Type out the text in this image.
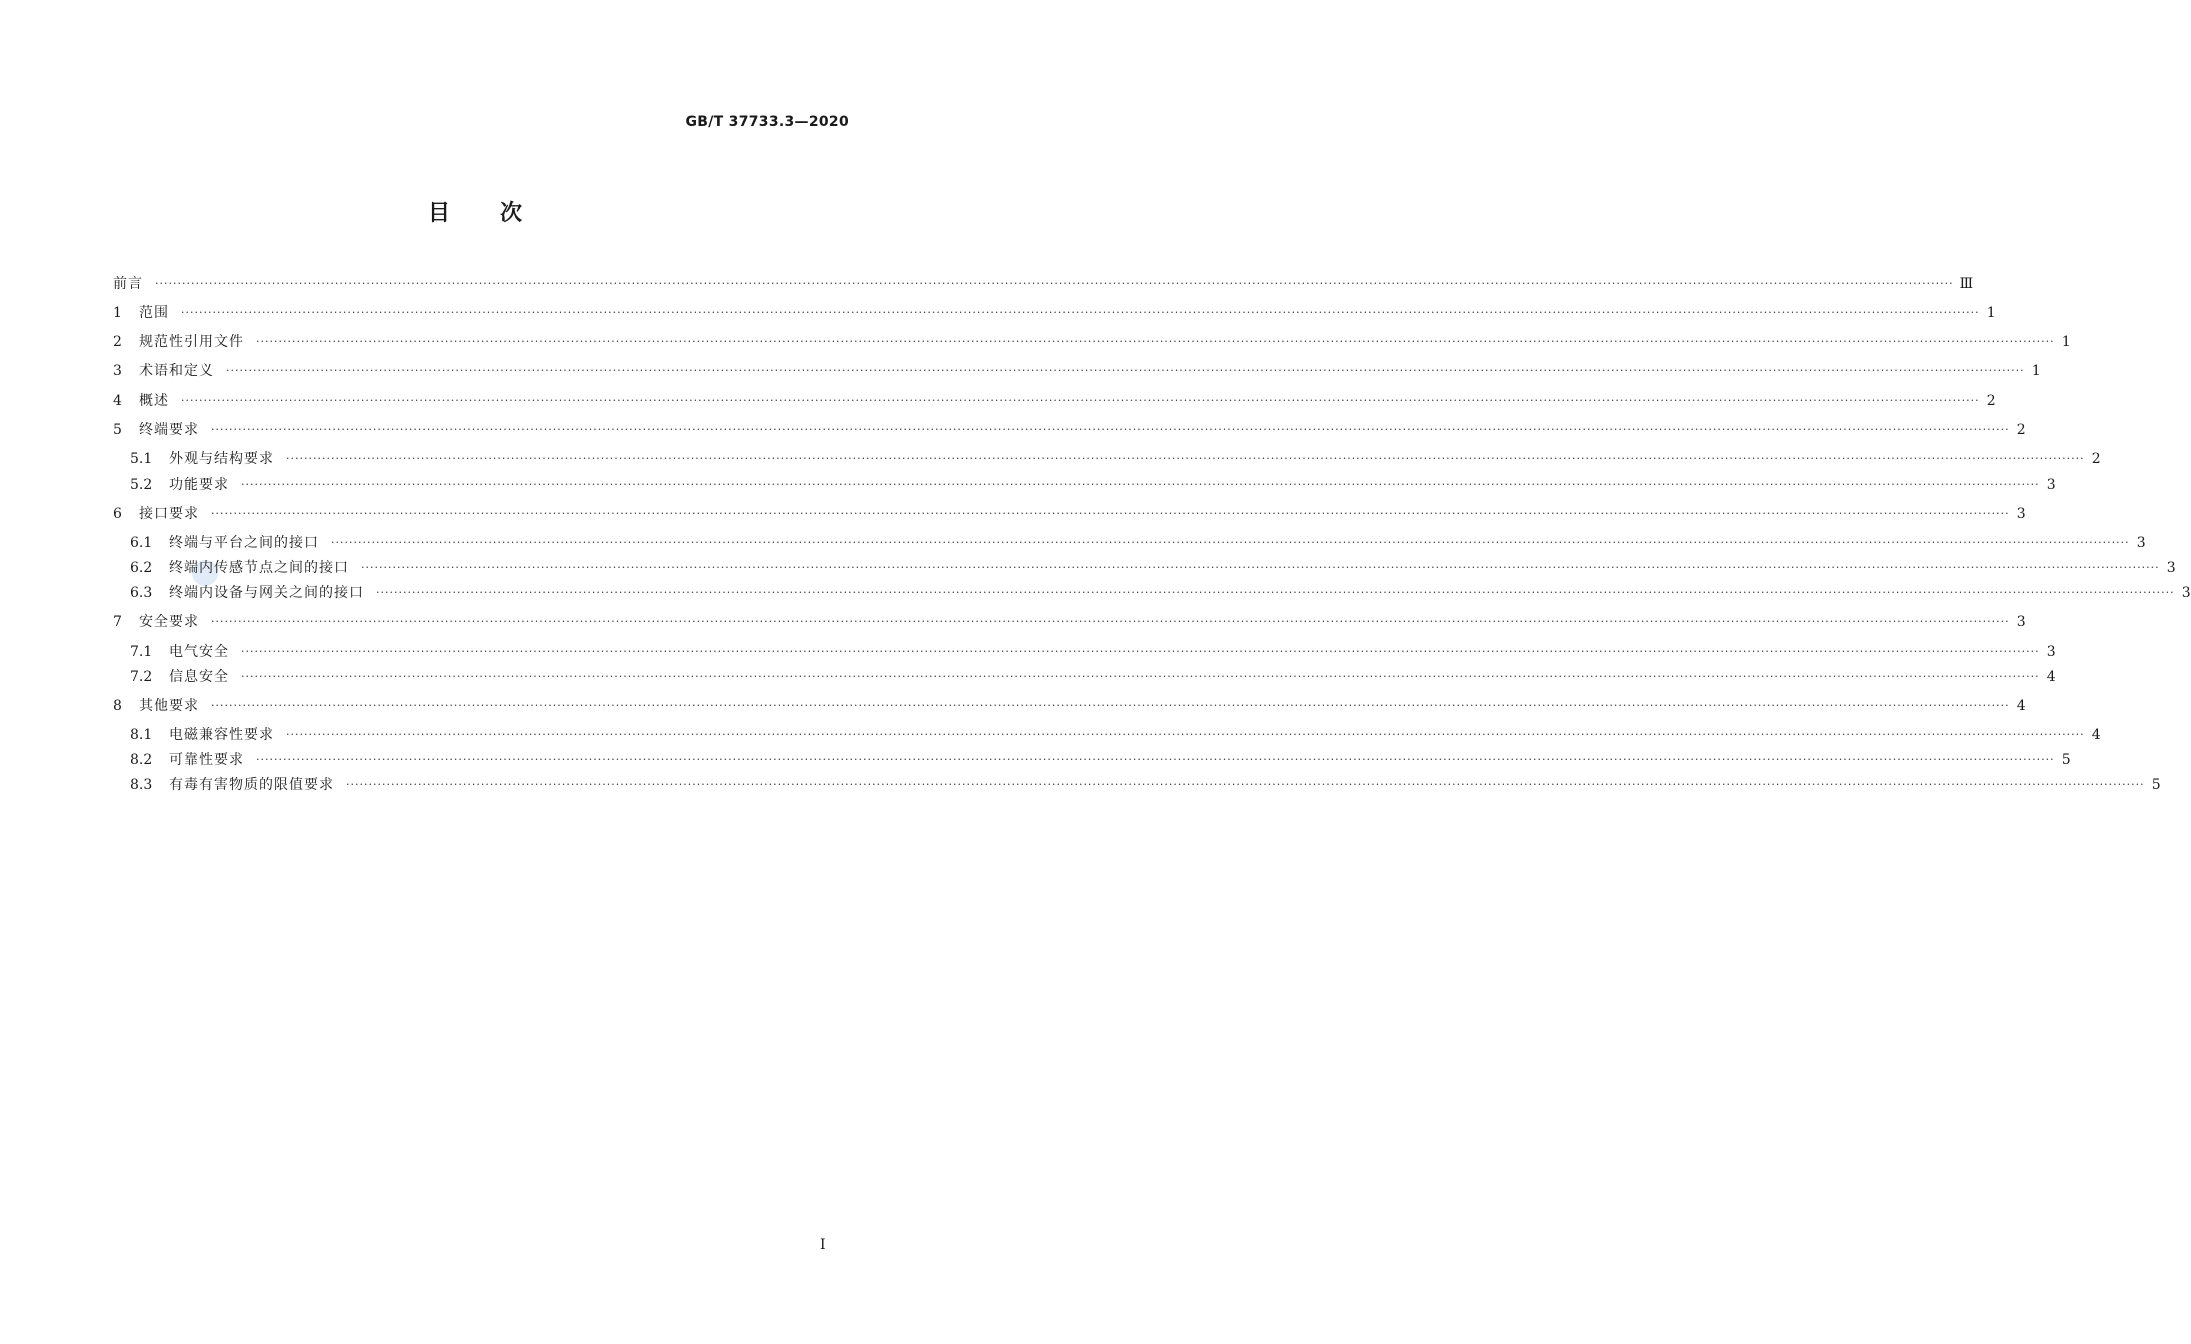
GB/T 37733.3—2020
目次
前言 ················································································································································································································································································································································································································ Ⅲ
1	范围 ················································································································································································································································································································································································································ 1
2	规范性引用文件 ················································································································································································································································································································································································································ 1
3	术语和定义 ················································································································································································································································································································································································································ 1
4	概述 ················································································································································································································································································································································································································ 2
5	终端要求 ················································································································································································································································································································································································································ 2
5.1	外观与结构要求 ················································································································································································································································································································································································································ 2
5.2	功能要求 ················································································································································································································································································································································································································ 3
6	接口要求 ················································································································································································································································································································································································································ 3
6.1	终端与平台之间的接口 ················································································································································································································································································································································································································ 3
6.2	终端内传感节点之间的接口 ················································································································································································································································································································································································································ 3
6.3	终端内设备与网关之间的接口 ················································································································································································································································································································································································································ 3
7	安全要求 ················································································································································································································································································································································································································ 3
7.1	电气安全 ················································································································································································································································································································································································································ 3
7.2	信息安全 ················································································································································································································································································································································································································ 4
8	其他要求 ················································································································································································································································································································································································································ 4
8.1	电磁兼容性要求 ················································································································································································································································································································································································································ 4
8.2	可靠性要求 ················································································································································································································································································································································································································ 5
8.3	有毒有害物质的限值要求 ················································································································································································································································································································································································································ 5
Ⅰ
